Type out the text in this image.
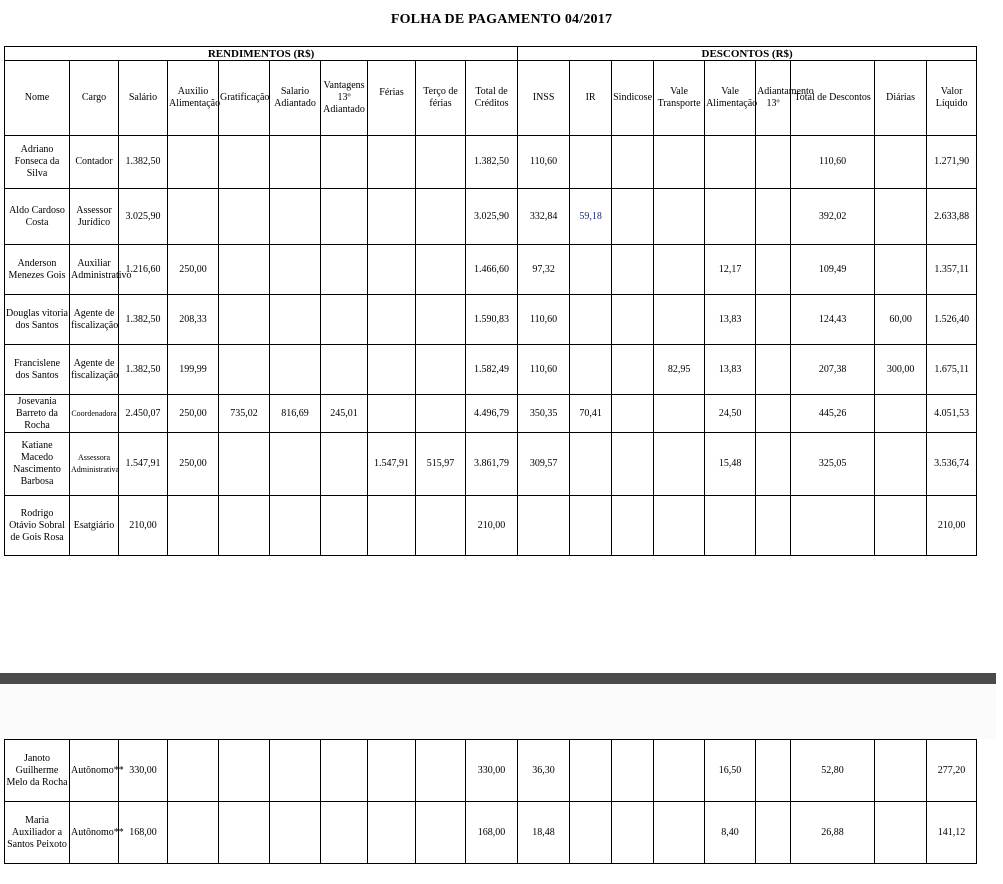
FOLHA DE PAGAMENTO 04/2017
RENDIMENTOS (R$)										DESCONTOS (R$)								
Nome	Cargo	Salário	Auxilio Alimentação	Gratificação	Salario Adiantado	Vantagens 13º Adiantado	Férias	Terço de férias	Total de Créditos	INSS	IR	Sindicose	Vale Transporte	Vale Alimentação	Adiantamento 13º	Total de Descontos	Diárias	Valor Líquido
Adriano Fonseca da Silva	Contador	1.382,50							1.382,50	110,60						110,60		1.271,90
Aldo Cardoso Costa	Assessor Jurídico	3.025,90							3.025,90	332,84	59,18					392,02		2.633,88
Anderson Menezes Gois	Auxiliar Administrativo	1.216,60	250,00						1.466,60	97,32				12,17		109,49		1.357,11
Douglas vitoria dos Santos	Agente de fiscalização	1.382,50	208,33						1.590,83	110,60				13,83		124,43	60,00	1.526,40
Francislene dos Santos	Agente de fiscalização	1.382,50	199,99						1.582,49	110,60			82,95	13,83		207,38	300,00	1.675,11
Josevania Barreto da Rocha	Coordenadora	2.450,07	250,00	735,02	816,69	245,01			4.496,79	350,35	70,41			24,50		445,26		4.051,53
Katiane Macedo Nascimento Barbosa	Assessora Administrativa	1.547,91	250,00				1.547,91	515,97	3.861,79	309,57				15,48		325,05		3.536,74
Rodrigo Otávio Sobral de Gois Rosa	Esatgiário	210,00							210,00									210,00
Janoto Guilherme Melo da Rocha	Autônomo**	330,00							330,00	36,30				16,50		52,80		277,20
Maria Auxiliador a Santos Peixoto	Autônomo**	168,00							168,00	18,48				8,40		26,88		141,12
